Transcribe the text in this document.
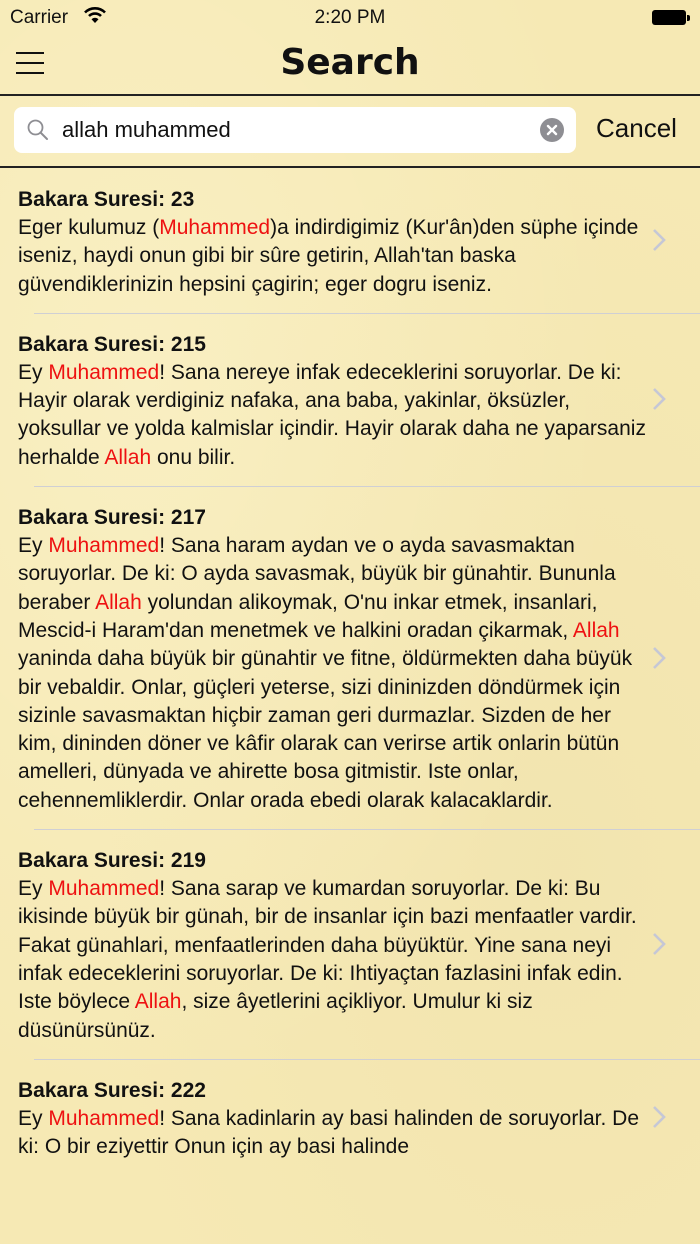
Carrier	2:20 PM
Search
allah muhammed
Cancel
Bakara Suresi: 23
Eger kulumuz (Muhammed)a indirdigimiz (Kur'ân)den süphe içinde iseniz, haydi onun gibi bir sûre getirin, Allah'tan baska güvendiklerinizin hepsini çagirin; eger dogru iseniz.
Bakara Suresi: 215
Ey Muhammed! Sana nereye infak edeceklerini soruyorlar. De ki: Hayir olarak verdiginiz nafaka, ana baba, yakinlar, öksüzler, yoksullar ve yolda kalmislar içindir. Hayir olarak daha ne yaparsaniz herhalde Allah onu bilir.
Bakara Suresi: 217
Ey Muhammed! Sana haram aydan ve o ayda savasmaktan soruyorlar. De ki: O ayda savasmak, büyük bir günahtir. Bununla beraber Allah yolundan alikoymak, O'nu inkar etmek, insanlari, Mescid-i Haram'dan menetmek ve halkini oradan çikarmak, Allah yaninda daha büyük bir günahtir ve fitne, öldürmekten daha büyük bir vebaldir. Onlar, güçleri yeterse, sizi dininizden döndürmek için sizinle savasmaktan hiçbir zaman geri durmazlar. Sizden de her kim, dininden döner ve kâfir olarak can verirse artik onlarin bütün amelleri, dünyada ve ahirette bosa gitmistir. Iste onlar, cehennemliklerdir. Onlar orada ebedi olarak kalacaklardir.
Bakara Suresi: 219
Ey Muhammed! Sana sarap ve kumardan soruyorlar. De ki: Bu ikisinde büyük bir günah, bir de insanlar için bazi menfaatler vardir. Fakat günahlari, menfaatlerinden daha büyüktür. Yine sana neyi infak edeceklerini soruyorlar. De ki: Ihtiyaçtan fazlasini infak edin. Iste böylece Allah, size âyetlerini açikliyor. Umulur ki siz düsünürsünüz.
Bakara Suresi: 222
Ey Muhammed! Sana kadinlarin ay basi halinden de soruyorlar. De ki: O bir eziyettir Onun için ay basi halinde
